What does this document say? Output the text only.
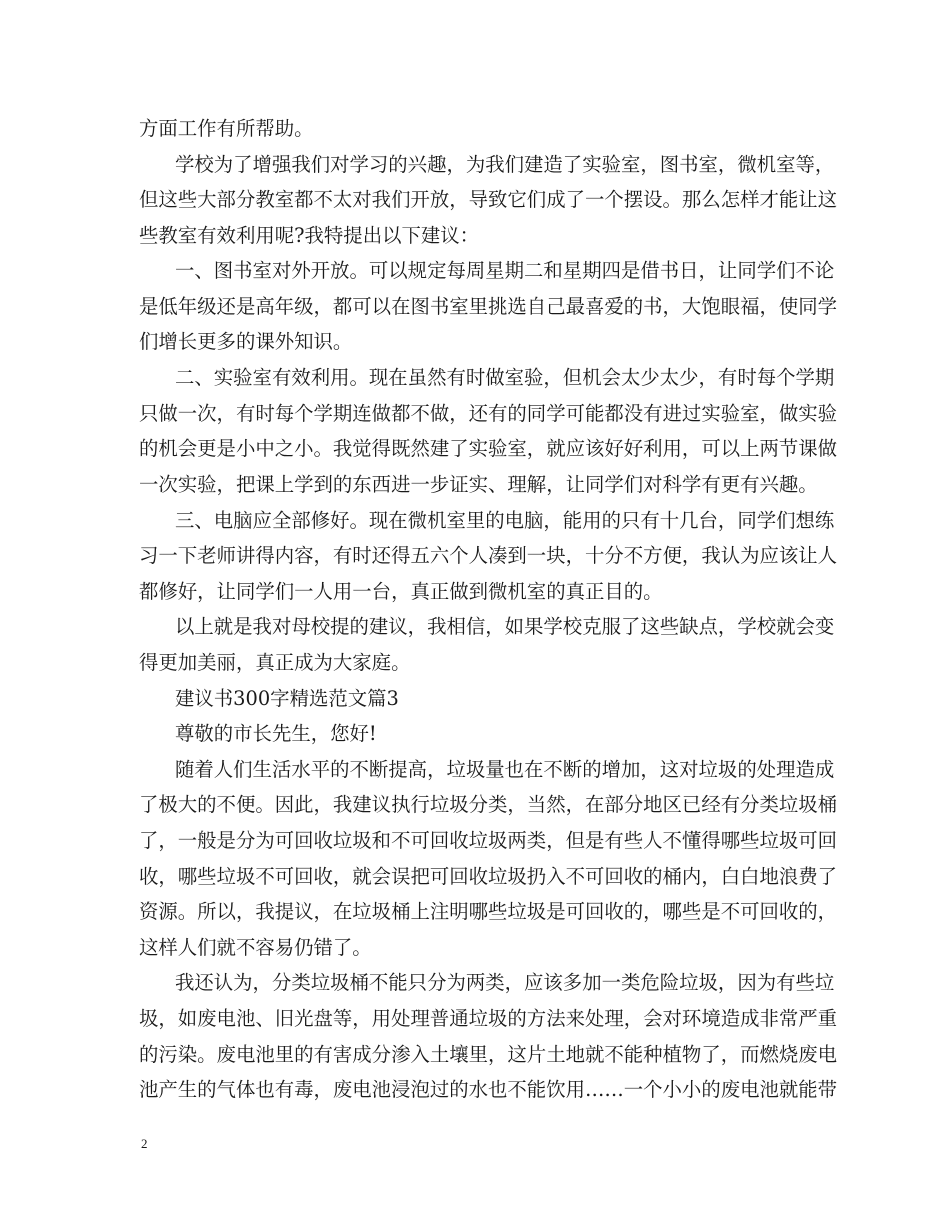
方面工作有所帮助。
学校为了增强我们对学习的兴趣，为我们建造了实验室，图书室，微机室等，
但这些大部分教室都不太对我们开放，导致它们成了一个摆设。那么怎样才能让这
些教室有效利用呢?我特提出以下建议：
一、图书室对外开放。可以规定每周星期二和星期四是借书日，让同学们不论
是低年级还是高年级，都可以在图书室里挑选自己最喜爱的书，大饱眼福，使同学
们增长更多的课外知识。
二、实验室有效利用。现在虽然有时做室验，但机会太少太少，有时每个学期
只做一次，有时每个学期连做都不做，还有的同学可能都没有进过实验室，做实验
的机会更是小中之小。我觉得既然建了实验室，就应该好好利用，可以上两节课做
一次实验，把课上学到的东西进一步证实、理解，让同学们对科学有更有兴趣。
三、电脑应全部修好。现在微机室里的电脑，能用的只有十几台，同学们想练
习一下老师讲得内容，有时还得五六个人凑到一块，十分不方便，我认为应该让人
都修好，让同学们一人用一台，真正做到微机室的真正目的。
以上就是我对母校提的建议，我相信，如果学校克服了这些缺点，学校就会变
得更加美丽，真正成为大家庭。
建议书300字精选范文篇3
尊敬的市长先生，您好!
随着人们生活水平的不断提高，垃圾量也在不断的增加，这对垃圾的处理造成
了极大的不便。因此，我建议执行垃圾分类，当然，在部分地区已经有分类垃圾桶
了，一般是分为可回收垃圾和不可回收垃圾两类，但是有些人不懂得哪些垃圾可回
收，哪些垃圾不可回收，就会误把可回收垃圾扔入不可回收的桶内，白白地浪费了
资源。所以，我提议，在垃圾桶上注明哪些垃圾是可回收的，哪些是不可回收的，
这样人们就不容易仍错了。
我还认为，分类垃圾桶不能只分为两类，应该多加一类危险垃圾，因为有些垃
圾，如废电池、旧光盘等，用处理普通垃圾的方法来处理，会对环境造成非常严重
的污染。废电池里的有害成分渗入土壤里，这片土地就不能种植物了，而燃烧废电
池产生的气体也有毒，废电池浸泡过的水也不能饮用……一个小小的废电池就能带
2
